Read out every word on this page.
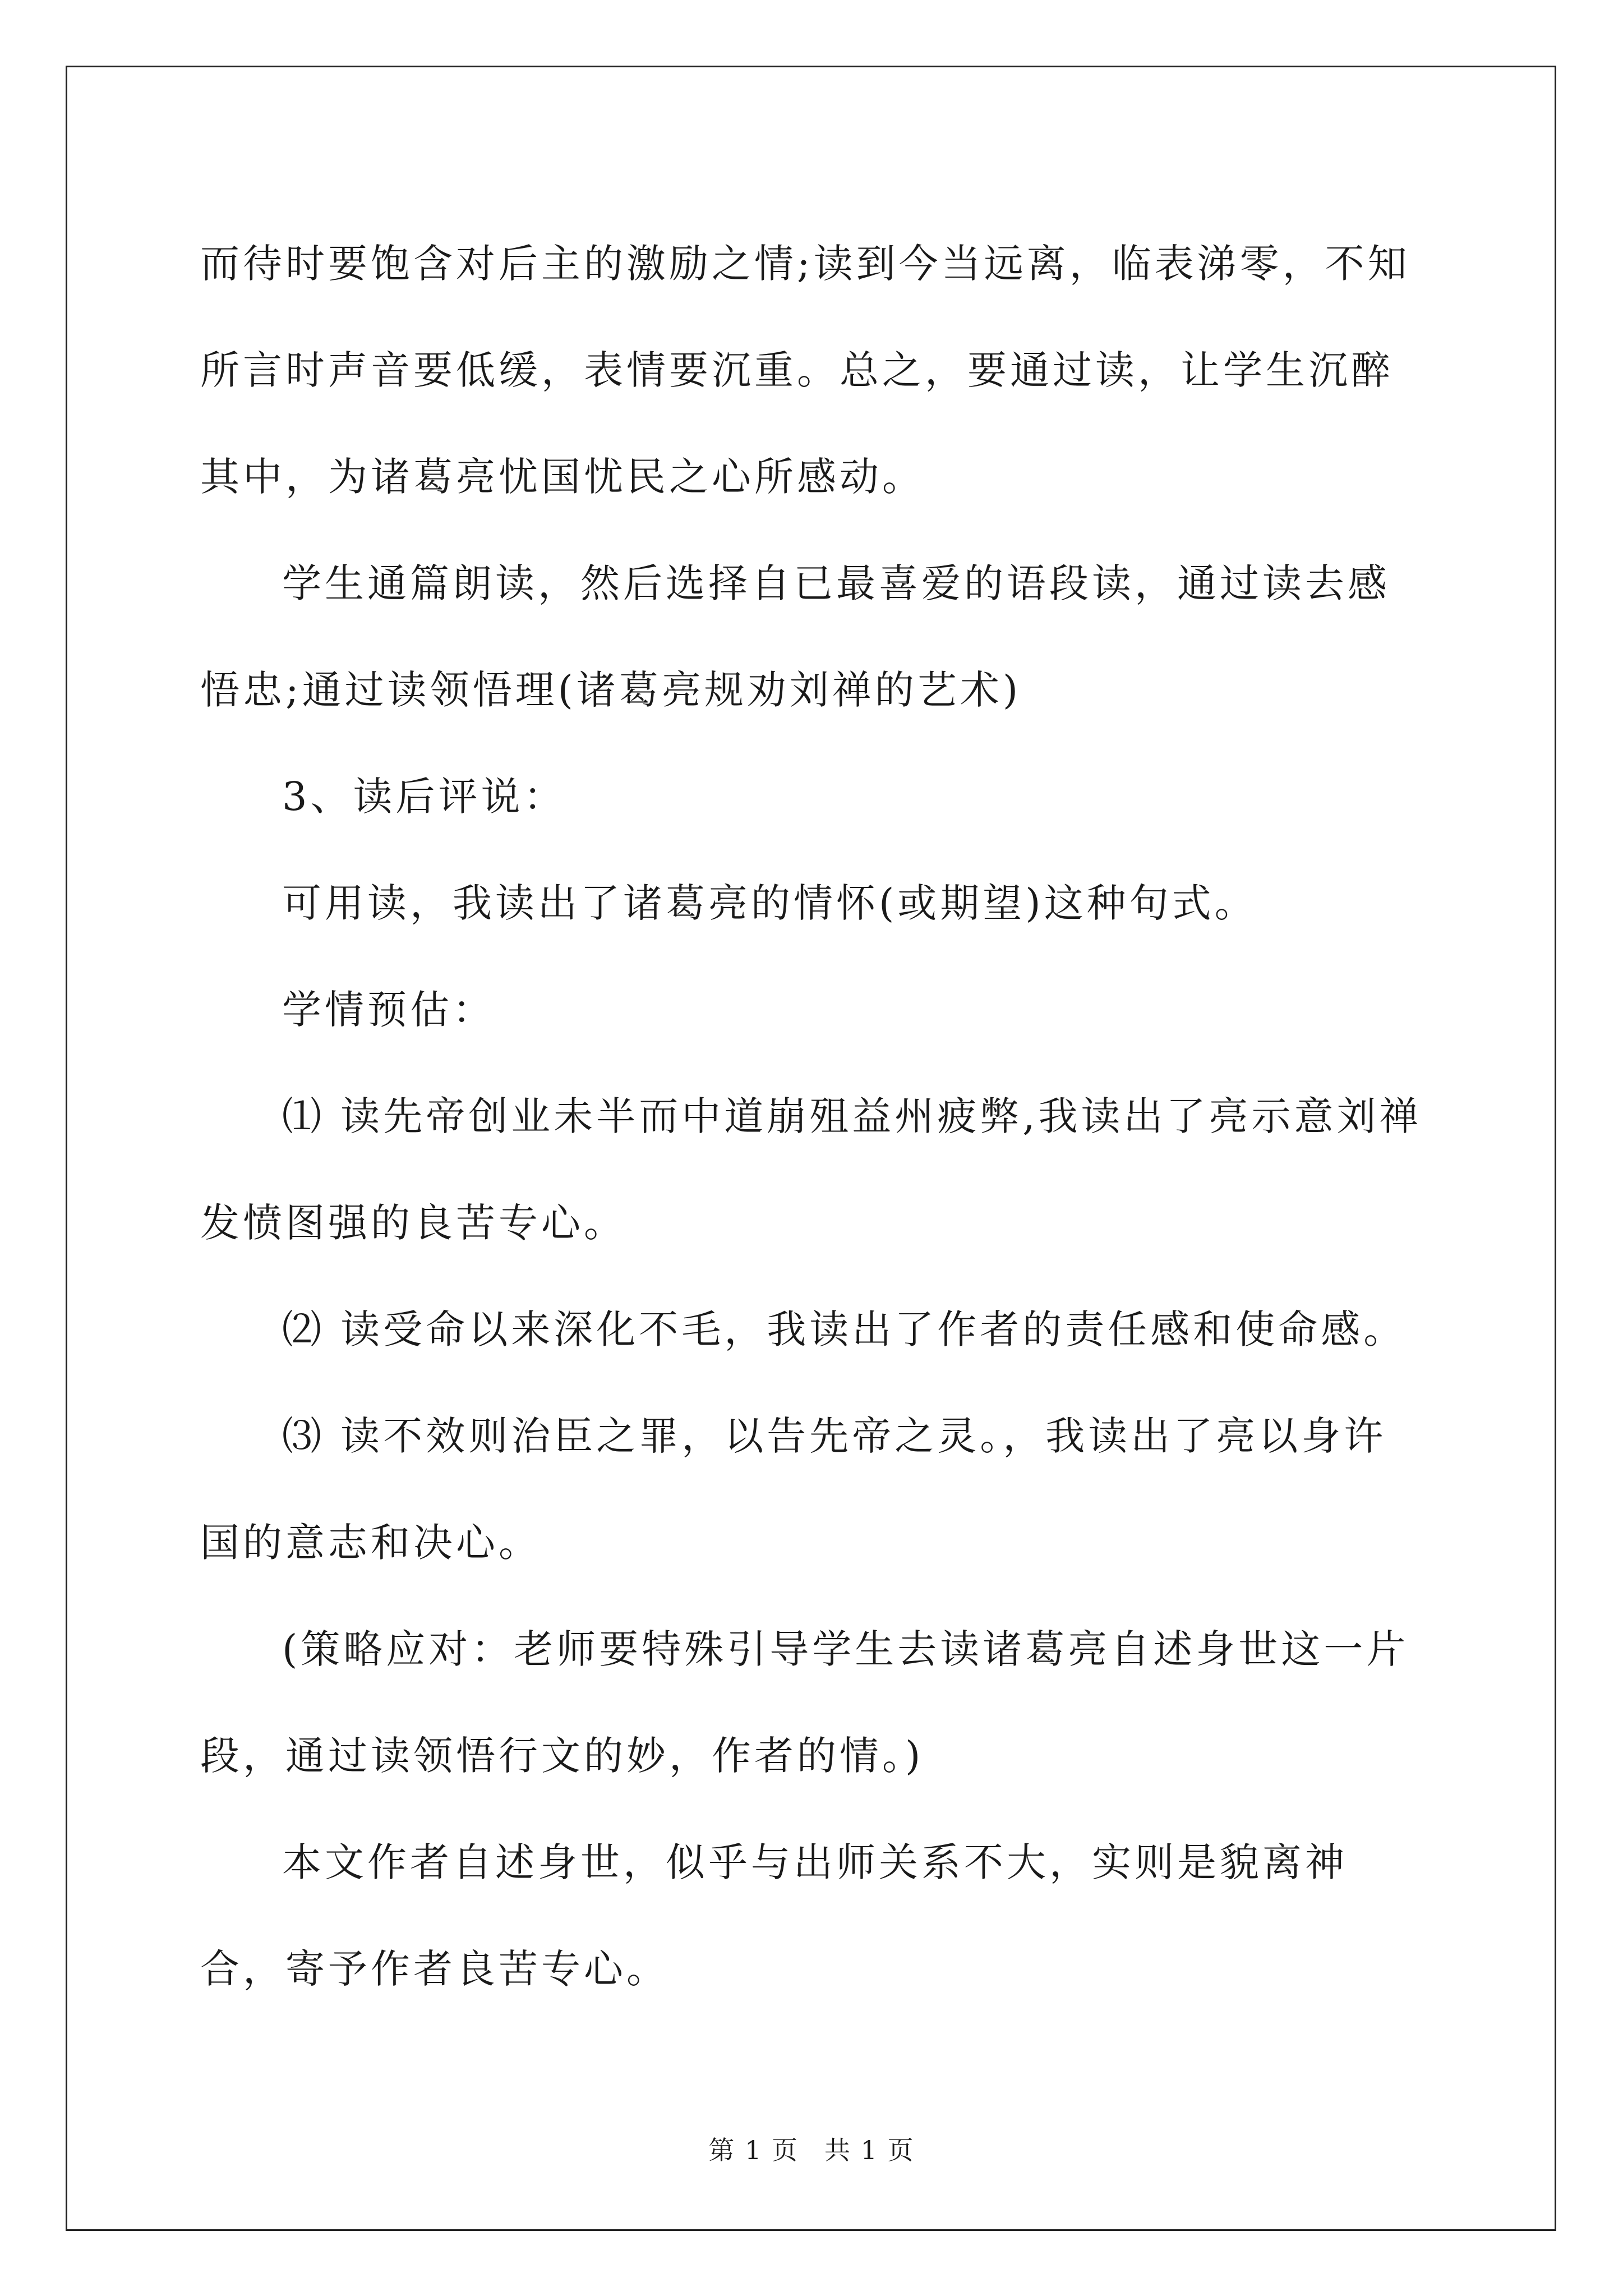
而待时要饱含对后主的激励之情;读到今当远离，临表涕零，不知所言时声音要低缓，表情要沉重。总之，要通过读，让学生沉醉其中，为诸葛亮忧国忧民之心所感动。

学生通篇朗读，然后选择自已最喜爱的语段读，通过读去感悟忠;通过读领悟理(诸葛亮规劝刘禅的艺术)

3、读后评说：

可用读，我读出了诸葛亮的情怀(或期望)这种句式。

学情预估：

⑴ 读先帝创业未半而中道崩殂益州疲弊,我读出了亮示意刘禅发愤图强的良苦专心。

⑵ 读受命以来深化不毛，我读出了作者的责任感和使命感。

⑶ 读不效则治臣之罪，以告先帝之灵。，我读出了亮以身许国的意志和决心。

(策略应对：老师要特殊引导学生去读诸葛亮自述身世这一片段，通过读领悟行文的妙，作者的情。)

本文作者自述身世，似乎与出师关系不大，实则是貌离神合，寄予作者良苦专心。

第 1 页 共 1 页
